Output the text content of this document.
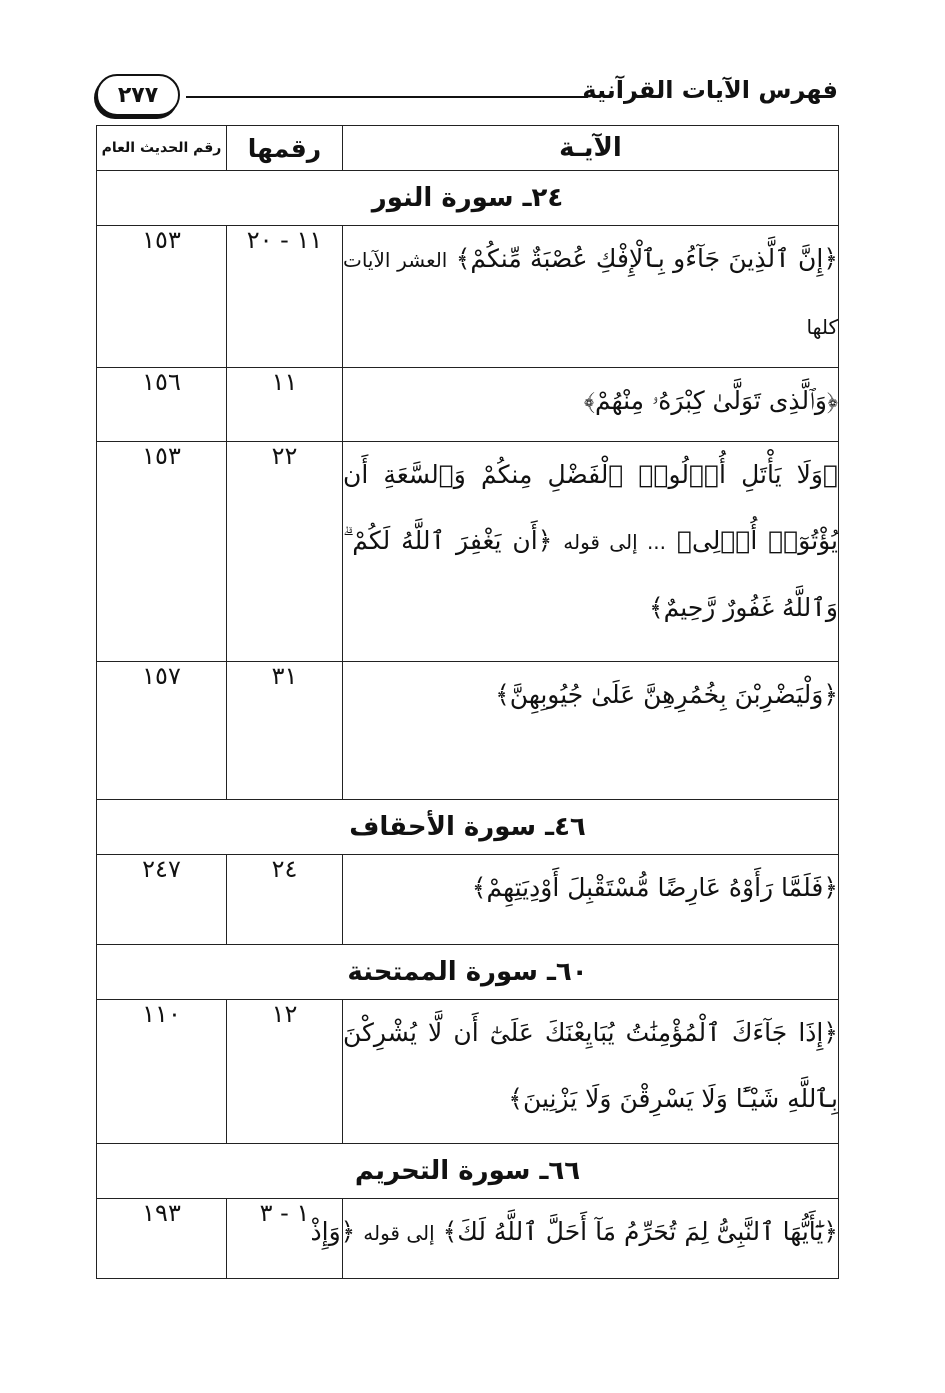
فهرس الآيات القرآنية
٢٧٧
الآيـة	رقمها	رقم الحديث العام
٢٤ـ سورة النور		
﴿إِنَّ ٱلَّذِينَ جَآءُو بِٱلْإِفْكِ عُصْبَةٌ مِّنكُمْ﴾ العشر الآيات كلها	١١ - ٢٠	١٥٣
﴿وَٱلَّذِى تَوَلَّىٰ كِبْرَهُۥ مِنْهُمْ﴾	١١	١٥٦
﴿وَلَا يَأْتَلِ أُو۟لُوا۟ ٱلْفَضْلِ مِنكُمْ وَٱلسَّعَةِ أَن يُؤْتُوٓا۟ أُو۟لِى﴾ ... إلى قوله ﴿أَن يَغْفِرَ ٱللَّهُ لَكُمْ ۗ وَٱللَّهُ غَفُورٌ رَّحِيمٌ﴾	٢٢	١٥٣
﴿وَلْيَضْرِبْنَ بِخُمُرِهِنَّ عَلَىٰ جُيُوبِهِنَّ﴾	٣١	١٥٧
٤٦ـ سورة الأحقاف		
﴿فَلَمَّا رَأَوْهُ عَارِضًا مُّسْتَقْبِلَ أَوْدِيَتِهِمْ﴾	٢٤	٢٤٧
٦٠ـ سورة الممتحنة		
﴿إِذَا جَآءَكَ ٱلْمُؤْمِنَٰتُ يُبَايِعْنَكَ عَلَىٰٓ أَن لَّا يُشْرِكْنَ بِٱللَّهِ شَيْـًٔا وَلَا يَسْرِقْنَ وَلَا يَزْنِينَ﴾	١٢	١١٠
٦٦ـ سورة التحريم		
﴿يَٰٓأَيُّهَا ٱلنَّبِىُّ لِمَ تُحَرِّمُ مَآ أَحَلَّ ٱللَّهُ لَكَ﴾ إلى قوله ﴿وَإِذْ	١ - ٣	١٩٣
